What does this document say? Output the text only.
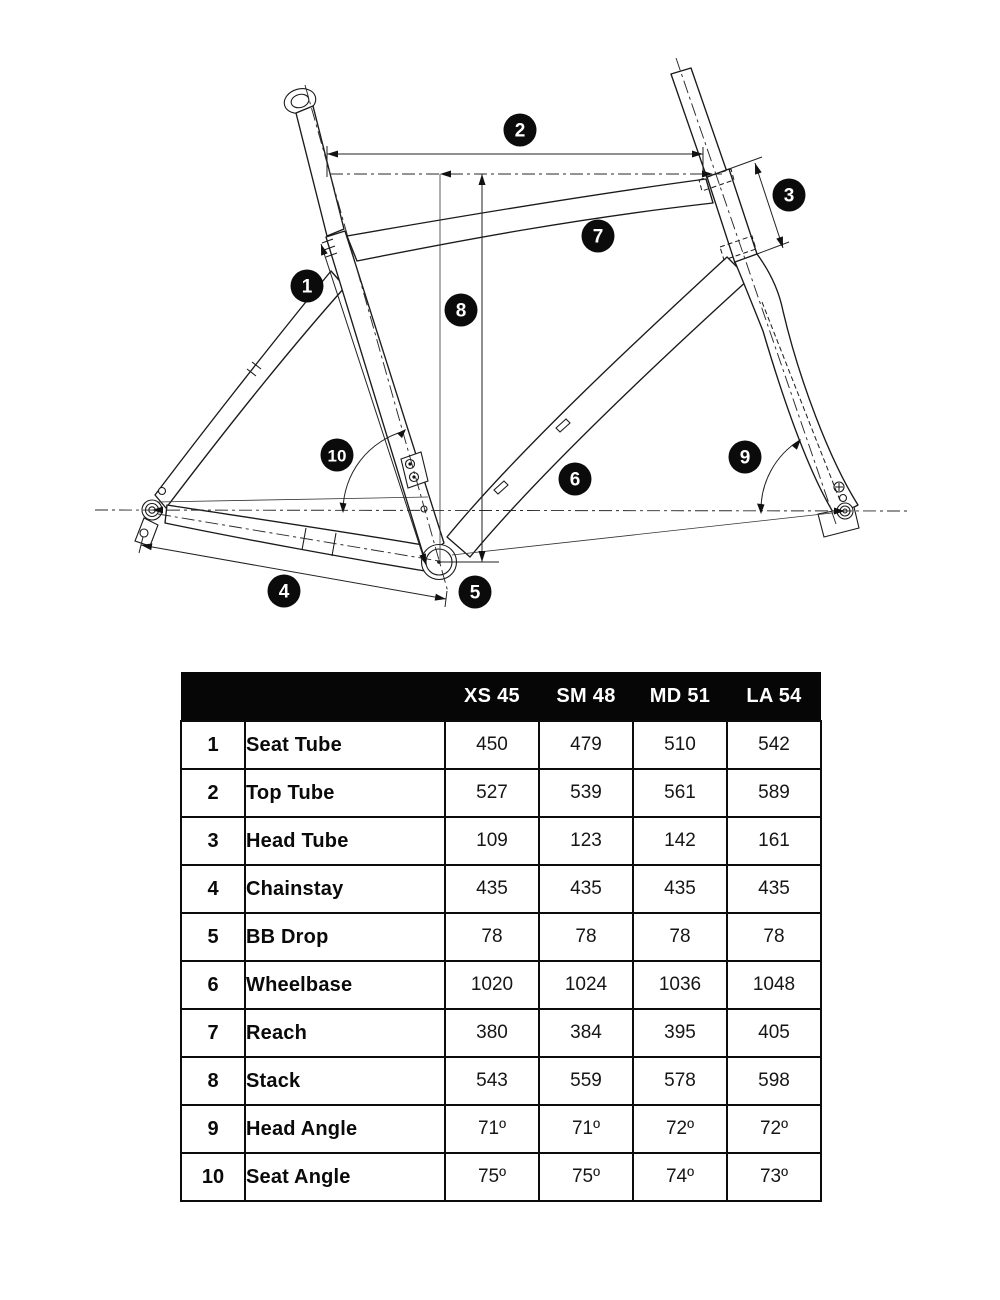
1
2
3
4	5
6
7
8
9
10
		XS 45	SM 48	MD 51	LA 54
1	Seat Tube	450	479	510	542
2	Top Tube	527	539	561	589
3	Head Tube	109	123	142	161
4	Chainstay	435	435	435	435
5	BB Drop	78	78	78	78
6	Wheelbase	1020	1024	1036	1048
7	Reach	380	384	395	405
8	Stack	543	559	578	598
9	Head Angle	71º	71º	72º	72º
10	Seat Angle	75º	75º	74º	73º
